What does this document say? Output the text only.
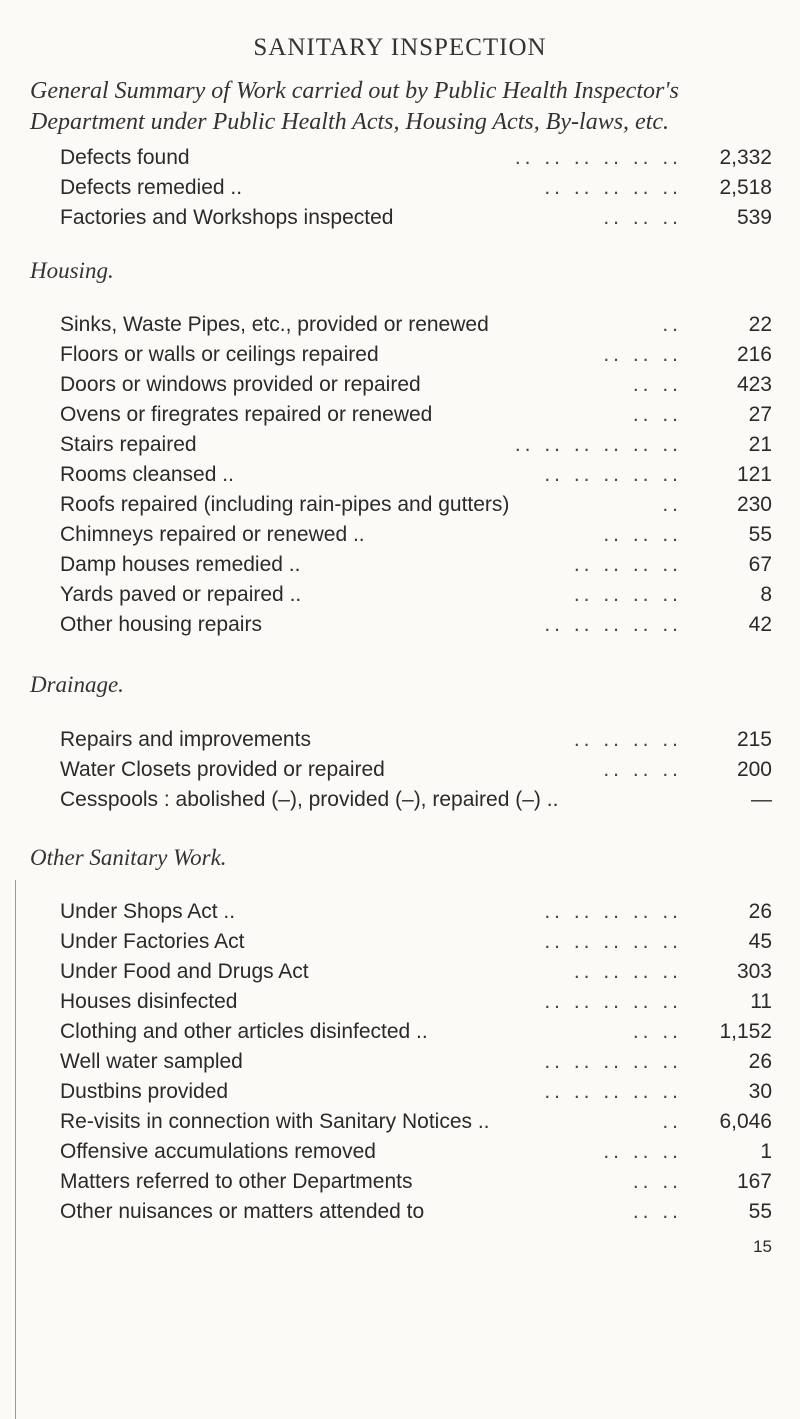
SANITARY INSPECTION
General Summary of Work carried out by Public Health Inspector's Department under Public Health Acts, Housing Acts, By-laws, etc.
Defects found	.. .. .. .. .. .. 2,332
Defects remedied ..	.. .. .. .. .. 2,518
Factories and Workshops inspected	.. .. ..	539
Housing.
Sinks, Waste Pipes, etc., provided or renewed	..	22
Floors or walls or ceilings repaired	.. .. ..	216
Doors or windows provided or repaired	.. ..	423
Ovens or firegrates repaired or renewed	.. ..	27
Stairs repaired	.. .. .. .. .. ..	21
Rooms cleansed ..	.. .. .. .. ..	121
Roofs repaired (including rain-pipes and gutters)	..	230
Chimneys repaired or renewed ..	.. .. ..	55
Damp houses remedied ..	.. .. .. ..	67
Yards paved or repaired ..	.. .. .. ..	8
Other housing repairs	.. .. .. .. ..	42
Drainage.
Repairs and improvements	.. .. .. ..	215
Water Closets provided or repaired	.. .. ..	200
Cesspools : abolished (–), provided (–), repaired (–) ..	—
Other Sanitary Work.
Under Shops Act ..	.. .. .. .. ..	26
Under Factories Act	.. .. .. .. ..	45
Under Food and Drugs Act	.. .. .. ..	303
Houses disinfected	.. .. .. .. ..	11
Clothing and other articles disinfected ..	.. .. 1,152
Well water sampled	.. .. .. .. ..	26
Dustbins provided	.. .. .. .. ..	30
Re-visits in connection with Sanitary Notices ..	.. 6,046
Offensive accumulations removed	.. .. ..	1
Matters referred to other Departments	.. ..	167
Other nuisances or matters attended to	.. ..	55
15
